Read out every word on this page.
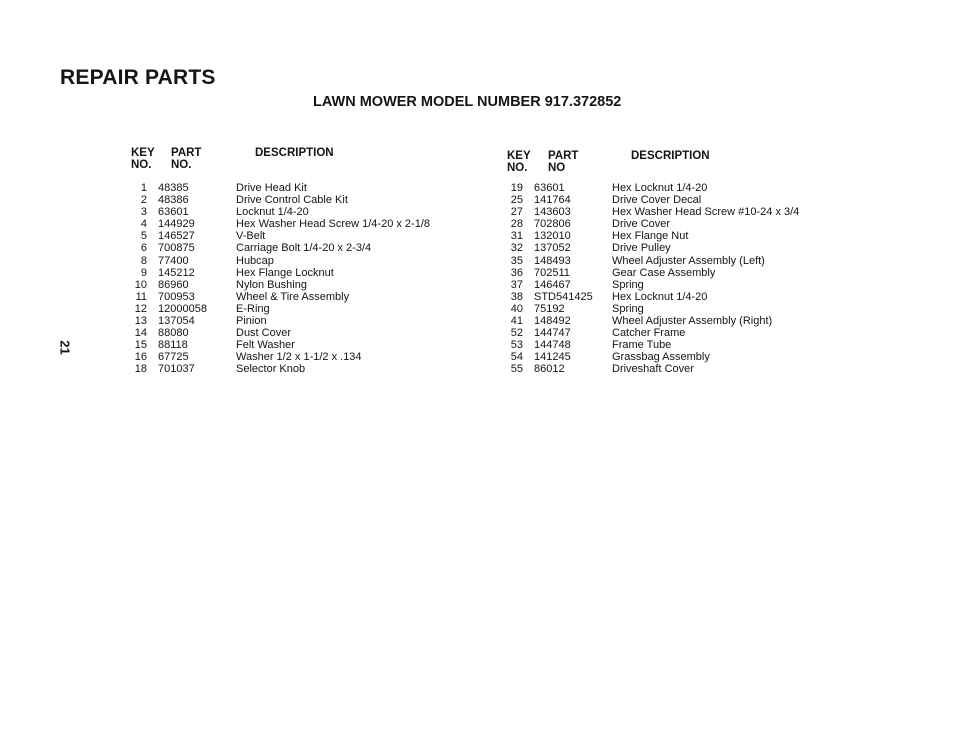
REPAIR PARTS
LAWN MOWER MODEL NUMBER 917.372852
21
KEY
NO.
PART
NO.
DESCRIPTION	KEY
NO.
PART
NO
DESCRIPTION
1
2
3
4
5
6
8
9
10
11
12
13
14
15
16
18
48385
48386
63601
144929
146527
700875
77400
145212
86960
700953
12000058
137054
88080
88118
67725
701037
Drive Head Kit
Drive Control Cable Kit
Locknut 1/4-20
Hex Washer Head Screw 1/4-20 x 2-1/8
V-Belt
Carriage Bolt 1/4-20 x 2-3/4
Hubcap
Hex Flange Locknut
Nylon Bushing
Wheel & Tire Assembly
E-Ring
Pinion
Dust Cover
Felt Washer
Washer 1/2 x 1-1/2 x .134
Selector Knob
19
25
27
28
31
32
35
36
37
38
40
41
52
53
54
55
63601
141764
143603
702806
132010
137052
148493
702511
146467
STD541425
75192
148492
144747
144748
141245
86012
Hex Locknut 1/4-20
Drive Cover Decal
Hex Washer Head Screw #10-24 x 3/4
Drive Cover
Hex Flange Nut
Drive Pulley
Wheel Adjuster Assembly (Left)
Gear Case Assembly
Spring
Hex Locknut 1/4-20
Spring
Wheel Adjuster Assembly (Right)
Catcher Frame
Frame Tube
Grassbag Assembly
Driveshaft Cover
